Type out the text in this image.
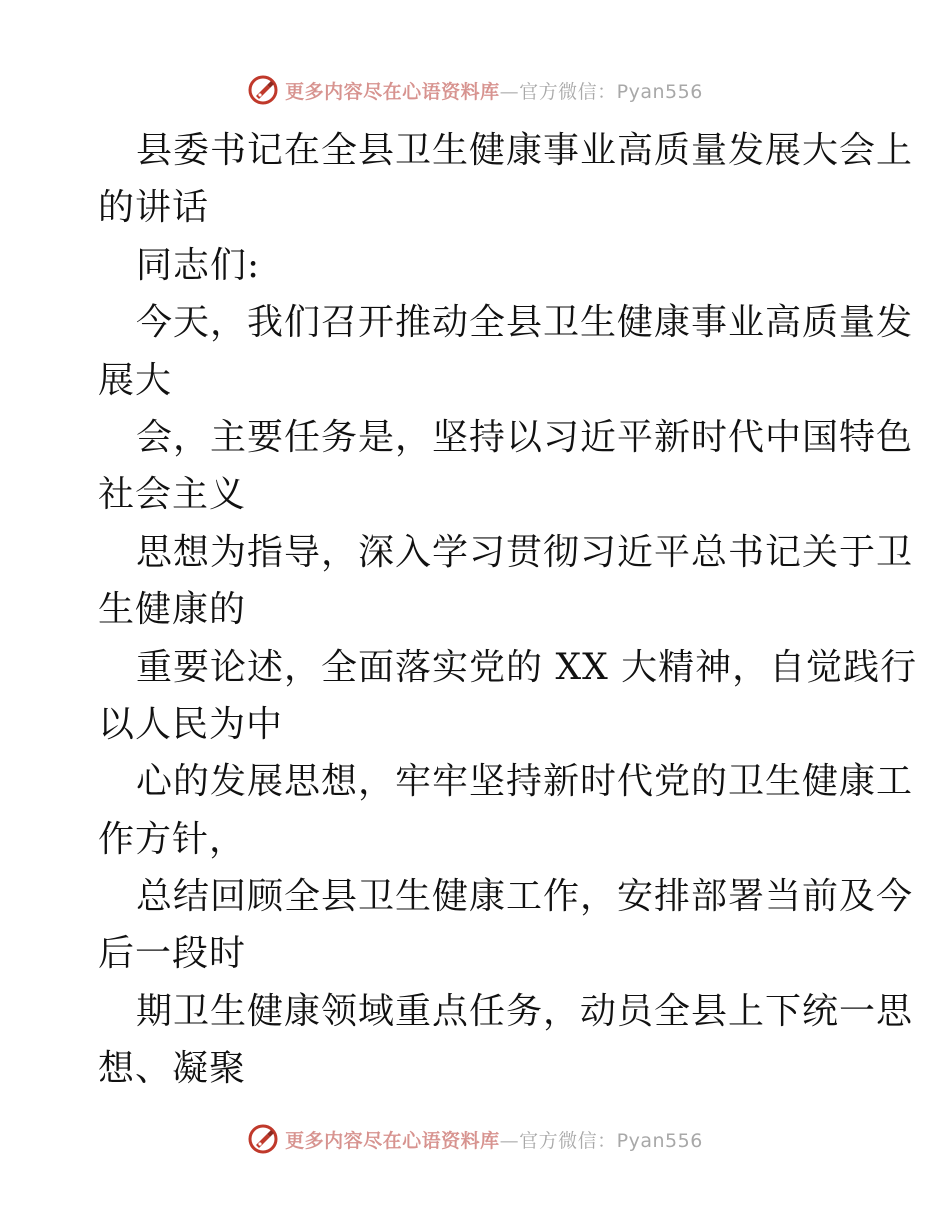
更多内容尽在心语资料库—官方微信：Pyan556
县委书记在全县卫生健康事业高质量发展大会上
的讲话
同志们:
今天，我们召开推动全县卫生健康事业高质量发
展大
会，主要任务是，坚持以习近平新时代中国特色
社会主义
思想为指导，深入学习贯彻习近平总书记关于卫
生健康的
重要论述，全面落实党的 XX 大精神，自觉践行
以人民为中
心的发展思想，牢牢坚持新时代党的卫生健康工
作方针，
总结回顾全县卫生健康工作，安排部署当前及今
后一段时
期卫生健康领域重点任务，动员全县上下统一思
想、凝聚
更多内容尽在心语资料库—官方微信：Pyan556
